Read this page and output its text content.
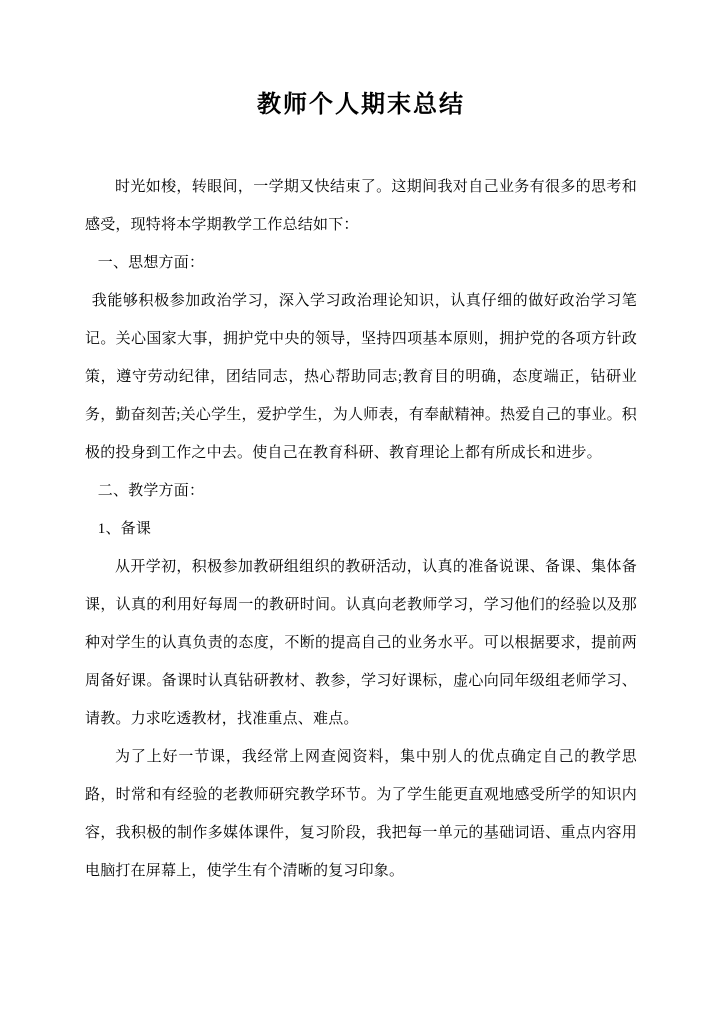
教师个人期末总结

时光如梭，转眼间，一学期又快结束了。这期间我对自己业务有很多的思考和感受，现特将本学期教学工作总结如下：

一、思想方面：

我能够积极参加政治学习，深入学习政治理论知识，认真仔细的做好政治学习笔记。关心国家大事，拥护党中央的领导，坚持四项基本原则，拥护党的各项方针政策，遵守劳动纪律，团结同志，热心帮助同志;教育目的明确，态度端正，钻研业务，勤奋刻苦;关心学生，爱护学生，为人师表，有奉献精神。热爱自己的事业。积极的投身到工作之中去。使自己在教育科研、教育理论上都有所成长和进步。

二、教学方面：

1、备课

从开学初，积极参加教研组组织的教研活动，认真的准备说课、备课、集体备课，认真的利用好每周一的教研时间。认真向老教师学习，学习他们的经验以及那种对学生的认真负责的态度，不断的提高自己的业务水平。可以根据要求，提前两周备好课。备课时认真钻研教材、教参，学习好课标，虚心向同年级组老师学习、请教。力求吃透教材，找准重点、难点。

为了上好一节课，我经常上网查阅资料，集中别人的优点确定自己的教学思路，时常和有经验的老教师研究教学环节。为了学生能更直观地感受所学的知识内容，我积极的制作多媒体课件，复习阶段，我把每一单元的基础词语、重点内容用电脑打在屏幕上，使学生有个清晰的复习印象。
